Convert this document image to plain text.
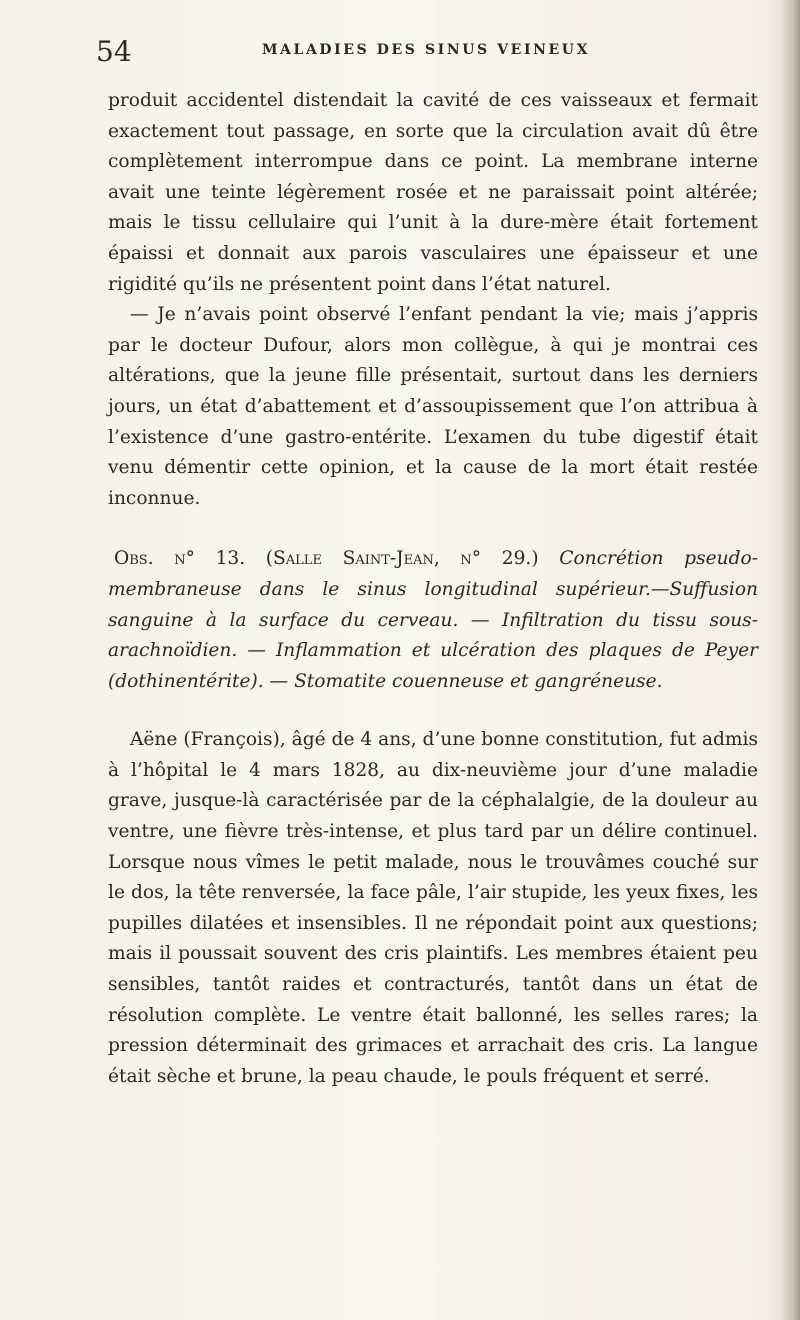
54	MALADIES DES SINUS VEINEUX

produit accidentel distendait la cavité de ces vaisseaux et fermait exactement tout passage, en sorte que la circulation avait dû être complètement interrompue dans ce point. La membrane interne avait une teinte légèrement rosée et ne paraissait point altérée; mais le tissu cellulaire qui l’unit à la dure-mère était fortement épaissi et donnait aux parois vasculaires une épaisseur et une rigidité qu’ils ne présentent point dans l’état naturel.

— Je n’avais point observé l’enfant pendant la vie; mais j’appris par le docteur Dufour, alors mon collègue, à qui je montrai ces altérations, que la jeune fille présentait, surtout dans les derniers jours, un état d’abattement et d’assoupissement que l’on attribua à l’existence d’une gastro-entérite. L’examen du tube digestif était venu démentir cette opinion, et la cause de la mort était restée inconnue.

Obs. n° 13. (Salle Saint-Jean, n° 29.) Concrétion pseudo-membraneuse dans le sinus longitudinal supérieur.—Suffusion sanguine à la surface du cerveau. — Infiltration du tissu sous-arachnoïdien. — Inflammation et ulcération des plaques de Peyer (dothinentérite). — Stomatite couenneuse et gangréneuse.

Aëne (François), âgé de 4 ans, d’une bonne constitution, fut admis à l’hôpital le 4 mars 1828, au dix-neuvième jour d’une maladie grave, jusque-là caractérisée par de la céphalalgie, de la douleur au ventre, une fièvre très-intense, et plus tard par un délire continuel. Lorsque nous vîmes le petit malade, nous le trouvâmes couché sur le dos, la tête renversée, la face pâle, l’air stupide, les yeux fixes, les pupilles dilatées et insensibles. Il ne répondait point aux questions; mais il poussait souvent des cris plaintifs. Les membres étaient peu sensibles, tantôt raides et contracturés, tantôt dans un état de résolution complète. Le ventre était ballonné, les selles rares; la pression déterminait des grimaces et arrachait des cris. La langue était sèche et brune, la peau chaude, le pouls fréquent et serré.
